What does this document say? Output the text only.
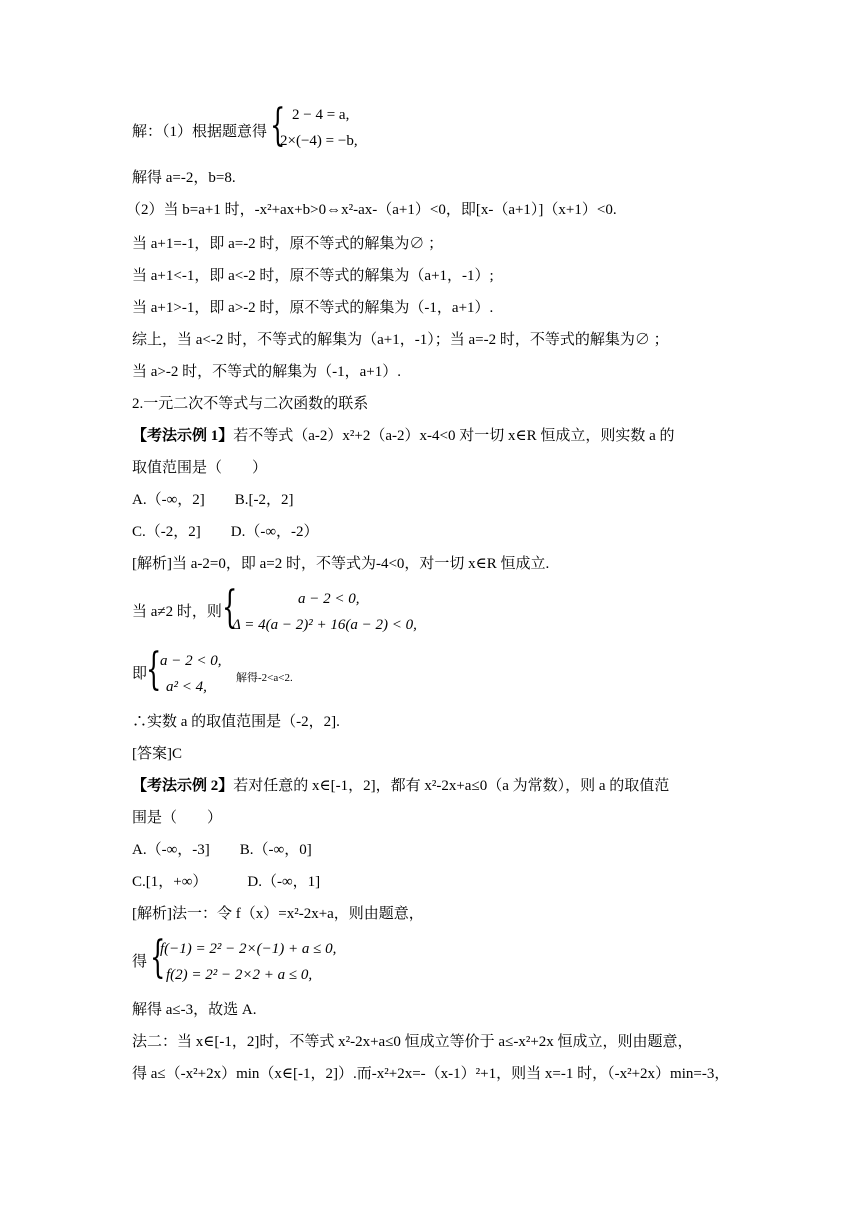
解：（1）根据题意得 { 2 − 4 = a,
2×(−4) = −b,
解得 a=-2，b=8.
（2）当 b=a+1 时，-x²+ax+b>0⇔x²-ax-（a+1）<0，即[x-（a+1）]（x+1）<0.
当 a+1=-1，即 a=-2 时，原不等式的解集为∅ ；
当 a+1<-1，即 a<-2 时，原不等式的解集为（a+1，-1）;
当 a+1>-1，即 a>-2 时，原不等式的解集为（-1，a+1）.
综上，当 a<-2 时，不等式的解集为（a+1，-1）；当 a=-2 时，不等式的解集为∅ ；
当 a>-2 时，不等式的解集为（-1，a+1）.
2.一元二次不等式与二次函数的联系
【考法示例 1】若不等式（a-2）x²+2（a-2）x-4<0 对一切 x∈R 恒成立，则实数 a 的
取值范围是（　　）
A.（-∞，2] B.[-2，2]
C.（-2，2] D.（-∞，-2）
[解析]当 a-2=0，即 a=2 时，不等式为-4<0，对一切 x∈R 恒成立.
当 a≠2 时，则 {	a − 2 < 0,
Δ = 4(a − 2)² + 16(a − 2) < 0,
即
{
a − 2 < 0,
a² < 4,
解得-2<a<2.
∴实数 a 的取值范围是（-2，2].
[答案]C
【考法示例 2】若对任意的 x∈[-1，2]，都有 x²-2x+a≤0（a 为常数），则 a 的取值范
围是（　　）
A.（-∞，-3] B.（-∞，0]
C.[1，+∞）	D.（-∞，1]
[解析]法一：令 f（x）=x²-2x+a，则由题意，
得 {
f(−1) = 2² − 2×(−1) + a ≤ 0,
f(2) = 2² − 2×2 + a ≤ 0,
解得 a≤-3，故选 A.
法二：当 x∈[-1，2]时，不等式 x²-2x+a≤0 恒成立等价于 a≤-x²+2x 恒成立，则由题意，
得 a≤（-x²+2x）min（x∈[-1，2]）.而-x²+2x=-（x-1）²+1，则当 x=-1 时，（-x²+2x）min=-3，
